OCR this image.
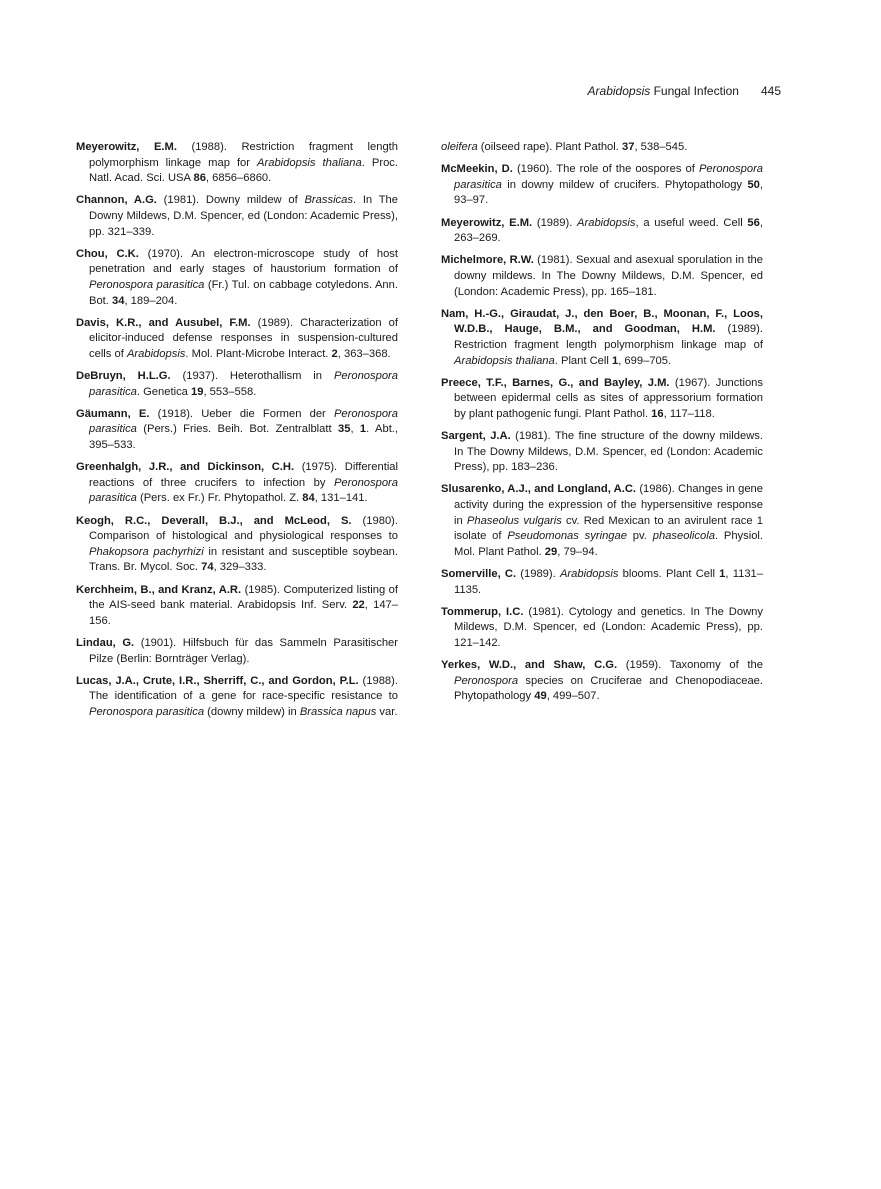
Arabidopsis Fungal Infection 445

Meyerowitz, E.M. (1988). Restriction fragment length polymorphism linkage map for Arabidopsis thaliana. Proc. Natl. Acad. Sci. USA 86, 6856–6860.

Channon, A.G. (1981). Downy mildew of Brassicas. In The Downy Mildews, D.M. Spencer, ed (London: Academic Press), pp. 321–339.

Chou, C.K. (1970). An electron-microscope study of host penetration and early stages of haustorium formation of Peronospora parasitica (Fr.) Tul. on cabbage cotyledons. Ann. Bot. 34, 189–204.

Davis, K.R., and Ausubel, F.M. (1989). Characterization of elicitor-induced defense responses in suspension-cultured cells of Arabidopsis. Mol. Plant-Microbe Interact. 2, 363–368.

DeBruyn, H.L.G. (1937). Heterothallism in Peronospora parasitica. Genetica 19, 553–558.

Gäumann, E. (1918). Ueber die Formen der Peronospora parasitica (Pers.) Fries. Beih. Bot. Zentralblatt 35, 1. Abt., 395–533.

Greenhalgh, J.R., and Dickinson, C.H. (1975). Differential reactions of three crucifers to infection by Peronospora parasitica (Pers. ex Fr.) Fr. Phytopathol. Z. 84, 131–141.

Keogh, R.C., Deverall, B.J., and McLeod, S. (1980). Comparison of histological and physiological responses to Phakopsora pachyrhizi in resistant and susceptible soybean. Trans. Br. Mycol. Soc. 74, 329–333.

Kerchheim, B., and Kranz, A.R. (1985). Computerized listing of the AIS-seed bank material. Arabidopsis Inf. Serv. 22, 147–156.

Lindau, G. (1901). Hilfsbuch für das Sammeln Parasitischer Pilze (Berlin: Bornträger Verlag).

Lucas, J.A., Crute, I.R., Sherriff, C., and Gordon, P.L. (1988). The identification of a gene for race-specific resistance to Peronospora parasitica (downy mildew) in Brassica napus var.

oleifera (oilseed rape). Plant Pathol. 37, 538–545.

McMeekin, D. (1960). The role of the oospores of Peronospora parasitica in downy mildew of crucifers. Phytopathology 50, 93–97.

Meyerowitz, E.M. (1989). Arabidopsis, a useful weed. Cell 56, 263–269.

Michelmore, R.W. (1981). Sexual and asexual sporulation in the downy mildews. In The Downy Mildews, D.M. Spencer, ed (London: Academic Press), pp. 165–181.

Nam, H.-G., Giraudat, J., den Boer, B., Moonan, F., Loos, W.D.B., Hauge, B.M., and Goodman, H.M. (1989). Restriction fragment length polymorphism linkage map of Arabidopsis thaliana. Plant Cell 1, 699–705.

Preece, T.F., Barnes, G., and Bayley, J.M. (1967). Junctions between epidermal cells as sites of appressorium formation by plant pathogenic fungi. Plant Pathol. 16, 117–118.

Sargent, J.A. (1981). The fine structure of the downy mildews. In The Downy Mildews, D.M. Spencer, ed (London: Academic Press), pp. 183–236.

Slusarenko, A.J., and Longland, A.C. (1986). Changes in gene activity during the expression of the hypersensitive response in Phaseolus vulgaris cv. Red Mexican to an avirulent race 1 isolate of Pseudomonas syringae pv. phaseolicola. Physiol. Mol. Plant Pathol. 29, 79–94.

Somerville, C. (1989). Arabidopsis blooms. Plant Cell 1, 1131–1135.

Tommerup, I.C. (1981). Cytology and genetics. In The Downy Mildews, D.M. Spencer, ed (London: Academic Press), pp. 121–142.

Yerkes, W.D., and Shaw, C.G. (1959). Taxonomy of the Peronospora species on Cruciferae and Chenopodiaceae. Phytopathology 49, 499–507.
